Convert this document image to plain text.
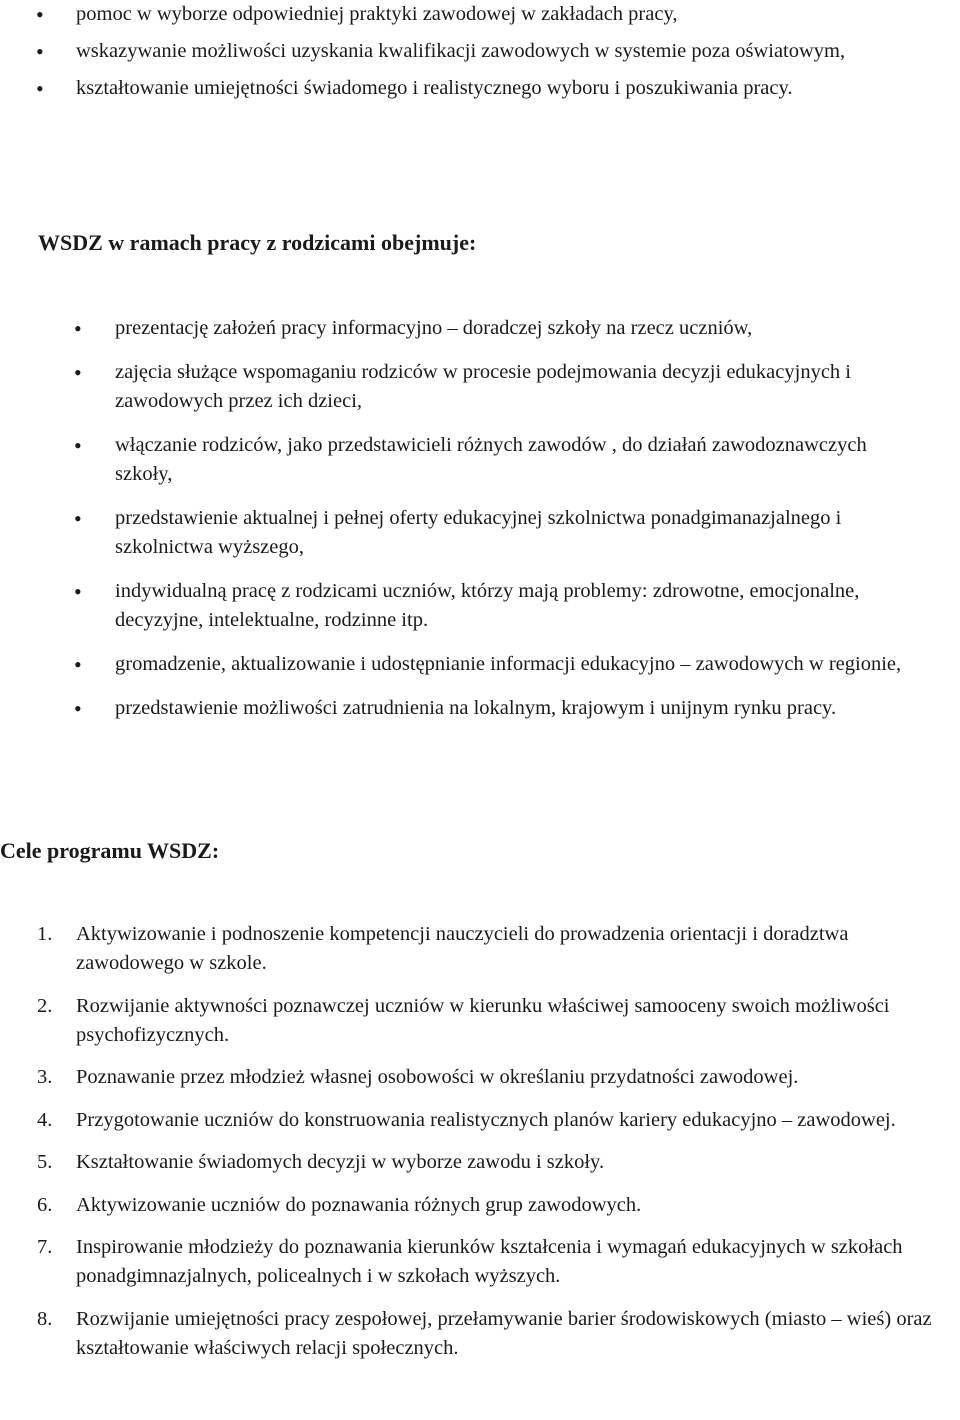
• pomoc w wyborze odpowiedniej praktyki zawodowej w zakładach pracy,
• wskazywanie możliwości uzyskania kwalifikacji zawodowych w systemie poza oświatowym,
• kształtowanie umiejętności świadomego i realistycznego wyboru i poszukiwania pracy.
WSDZ w ramach pracy z rodzicami obejmuje:
• prezentację założeń pracy informacyjno – doradczej szkoły na rzecz uczniów,
• zajęcia służące wspomaganiu rodziców w procesie podejmowania decyzji edukacyjnych i zawodowych przez ich dzieci,
• włączanie rodziców, jako przedstawicieli różnych zawodów , do działań zawodoznawczych szkoły,
• przedstawienie aktualnej i pełnej oferty edukacyjnej szkolnictwa ponadgimanazjalnego i szkolnictwa wyższego,
• indywidualną pracę z rodzicami uczniów, którzy mają problemy: zdrowotne, emocjonalne, decyzyjne, intelektualne, rodzinne itp.
• gromadzenie, aktualizowanie i udostępnianie informacji edukacyjno – zawodowych w regionie,
• przedstawienie możliwości zatrudnienia na lokalnym, krajowym i unijnym rynku pracy.
Cele programu WSDZ:
1. Aktywizowanie i podnoszenie kompetencji nauczycieli do prowadzenia orientacji i doradztwa zawodowego w szkole.
2. Rozwijanie aktywności poznawczej uczniów w kierunku właściwej samooceny swoich możliwości psychofizycznych.
3. Poznawanie przez młodzież własnej osobowości w określaniu przydatności zawodowej.
4. Przygotowanie uczniów do konstruowania realistycznych planów kariery edukacyjno – zawodowej.
5. Kształtowanie świadomych decyzji w wyborze zawodu i szkoły.
6. Aktywizowanie uczniów do poznawania różnych grup zawodowych.
7. Inspirowanie młodzieży do poznawania kierunków kształcenia i wymagań edukacyjnych w szkołach ponadgimnazjalnych, policealnych i w szkołach wyższych.
8. Rozwijanie umiejętności pracy zespołowej, przełamywanie barier środowiskowych (miasto – wieś) oraz kształtowanie właściwych relacji społecznych.
